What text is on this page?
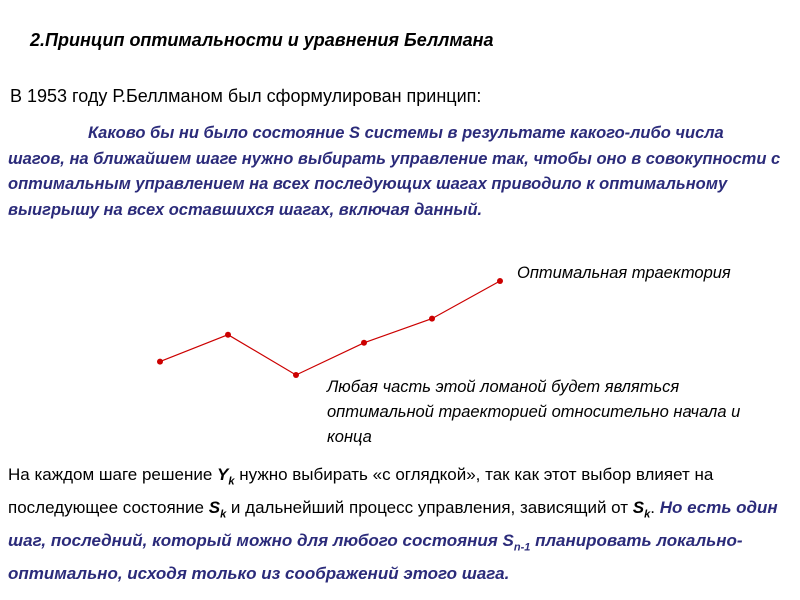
2.Принцип оптимальности и уравнения Беллмана
В 1953 году Р.Беллманом был сформулирован принцип:
Каково бы ни было состояние S системы в результате какого-либо числа шагов, на ближайшем шаге нужно выбирать управление так, чтобы оно в совокупности с оптимальным управлением на всех последующих шагах приводило к оптимальному выигрышу на всех оставшихся шагах, включая данный.
Оптимальная траектория
Любая часть этой ломаной будет являться оптимальной траекторией относительно начала и конца
На каждом шаге решение $Y_k$ нужно выбирать «с оглядкой», так как этот выбор влияет на последующее состояние $S_k$ и дальнейший процесс управления, зависящий от $S_k$. Но есть один шаг, последний, который можно для любого состояния $S_{n-1}$ планировать локально-оптимально, исходя только из соображений этого шага.
